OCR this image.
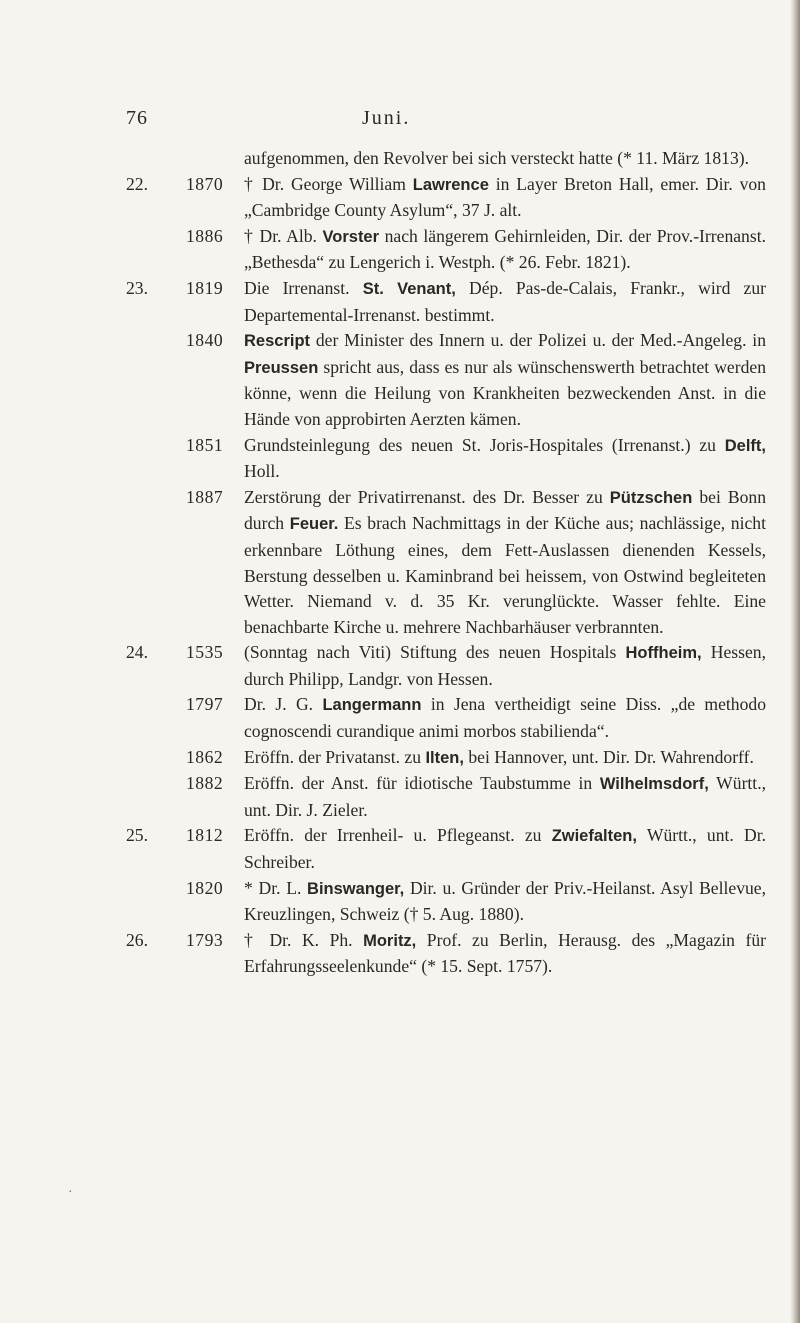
76	Juni.
aufgenommen, den Revolver bei sich versteckt hatte (* 11. März 1813).
22.	1870	† Dr. George William Lawrence in Layer Breton Hall, emer. Dir. von „Cambridge County Asylum“, 37 J. alt.
1886	† Dr. Alb. Vorster nach längerem Gehirnleiden, Dir. der Prov.-Irrenanst. „Bethesda“ zu Lengerich i. Westph. (* 26. Febr. 1821).
23.	1819	Die Irrenanst. St. Venant, Dép. Pas-de-Calais, Frankr., wird zur Departemental-Irrenanst. bestimmt.
1840	Rescript der Minister des Innern u. der Polizei u. der Med.-Angeleg. in Preussen spricht aus, dass es nur als wünschenswerth betrachtet werden könne, wenn die Heilung von Krankheiten bezweckenden Anst. in die Hände von approbirten Aerzten kämen.
1851	Grundsteinlegung des neuen St. Joris-Hospitales (Irrenanst.) zu Delft, Holl.
1887	Zerstörung der Privatirrenanst. des Dr. Besser zu Pützschen bei Bonn durch Feuer. Es brach Nachmittags in der Küche aus; nachlässige, nicht erkennbare Löthung eines, dem Fett-Auslassen dienenden Kessels, Berstung desselben u. Kaminbrand bei heissem, von Ostwind begleiteten Wetter. Niemand v. d. 35 Kr. verunglückte. Wasser fehlte. Eine benachbarte Kirche u. mehrere Nachbarhäuser verbrannten.
24.	1535	(Sonntag nach Viti) Stiftung des neuen Hospitals Hoffheim, Hessen, durch Philipp, Landgr. von Hessen.
1797	Dr. J. G. Langermann in Jena vertheidigt seine Diss. „de methodo cognoscendi curandique animi morbos stabilienda“.
1862	Eröffn. der Privatanst. zu Ilten, bei Hannover, unt. Dir. Dr. Wahrendorff.
1882	Eröffn. der Anst. für idiotische Taubstumme in Wilhelmsdorf, Württ., unt. Dir. J. Zieler.
25.	1812	Eröffn. der Irrenheil- u. Pflegeanst. zu Zwiefalten, Württ., unt. Dr. Schreiber.
1820	* Dr. L. Binswanger, Dir. u. Gründer der Priv.-Heilanst. Asyl Bellevue, Kreuzlingen, Schweiz († 5. Aug. 1880).
26.	1793	† Dr. K. Ph. Moritz, Prof. zu Berlin, Herausg. des „Magazin für Erfahrungsseelenkunde“ (* 15. Sept. 1757).
·
